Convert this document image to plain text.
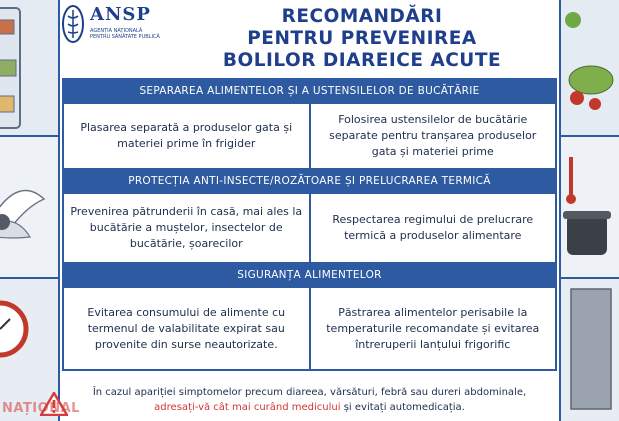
ANSP
AGENȚIA NAȚIONALĂ PENTRU SĂNĂTATE PUBLICĂ
RECOMANDĂRI
PENTRU PREVENIREA
BOLILOR DIAREICE ACUTE
SEPARAREA ALIMENTELOR ȘI A USTENSILELOR DE BUCĂTĂRIE
Plasarea separată a produselor gata și materiei prime în frigider
Folosirea ustensilelor de bucătărie separate pentru tranșarea produselor gata și materiei prime
PROTECȚIA ANTI-INSECTE/ROZĂTOARE ȘI PRELUCRAREA TERMICĂ
Prevenirea pătrunderii în casă, mai ales la bucătărie a muștelor, insectelor de bucătărie, șoarecilor
Respectarea regimului de prelucrare termică a produselor alimentare
SIGURANȚA ALIMENTELOR
Evitarea consumului de alimente cu termenul de valabilitate expirat sau provenite din surse neautorizate.
Păstrarea alimentelor perisabile la temperaturile recomandate și evitarea întreruperii lanțului frigorific
NAȚIONAL
În cazul apariției simptomelor precum diareea, vărsături, febră sau dureri abdominale,
adresați-vă cât mai curând medicului și evitați automedicația.
